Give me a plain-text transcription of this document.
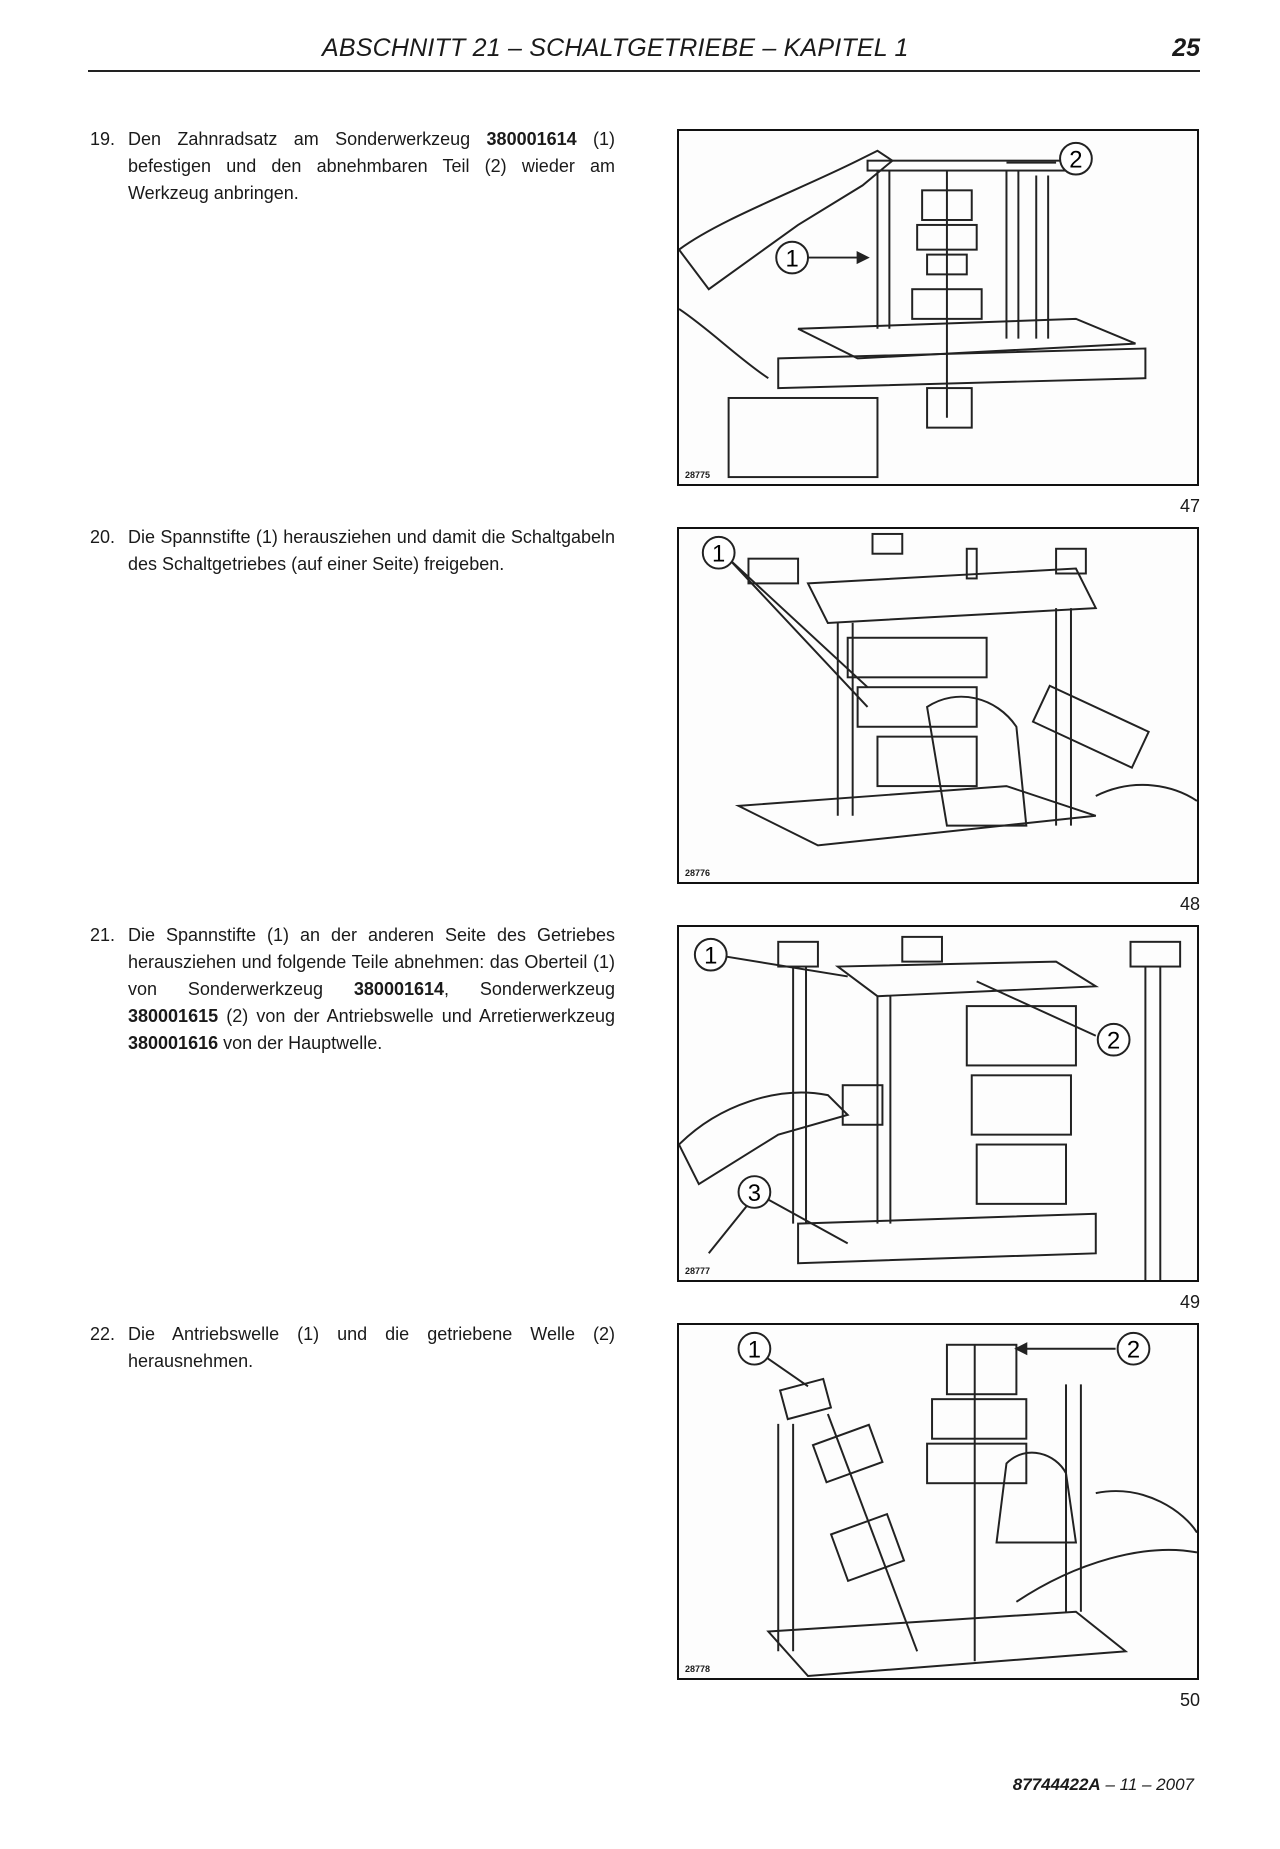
ABSCHNITT 21 – SCHALTGETRIEBE – KAPITEL 1	25
19. Den Zahnradsatz am Sonderwerkzeug 380001614 (1) befestigen und den abnehmbaren Teil (2) wieder am Werkzeug anbringen.
1
2
28775
47
20. Die Spannstifte (1) herausziehen und damit die Schaltgabeln des Schaltgetriebes (auf einer Seite) freigeben.	1
28776
48
21. Die Spannstifte (1) an der anderen Seite des Getriebes herausziehen und folgende Teile abnehmen: das Oberteil (1) von Sonderwerkzeug 380001614, Sonderwerkzeug 380001615 (2) von der Antriebswelle und Arretierwerkzeug 380001616 von der Hauptwelle.
1
2
3
28777
49
22. Die Antriebswelle (1) und die getriebene Welle (2) herausnehmen.	1	2
28778
50
87744422A – 11 – 2007
